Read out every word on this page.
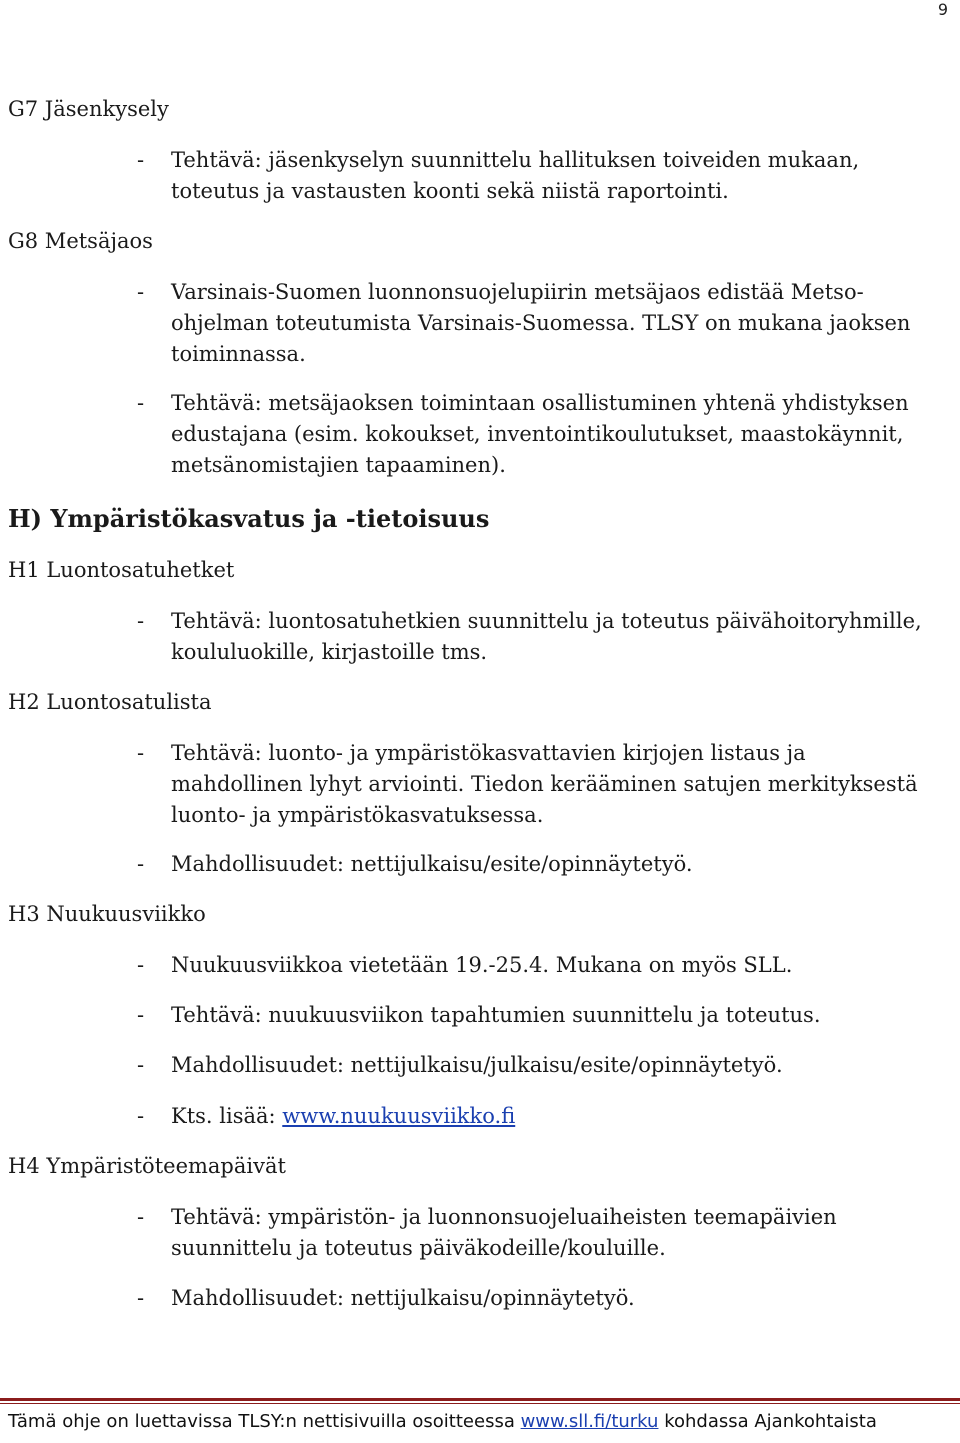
9
G7 Jäsenkysely
- Tehtävä: jäsenkyselyn suunnittelu hallituksen toiveiden mukaan, toteutus ja vastausten koonti sekä niistä raportointi.
G8 Metsäjaos
- Varsinais-Suomen luonnonsuojelupiirin metsäjaos edistää Metso-ohjelman toteutumista Varsinais-Suomessa. TLSY on mukana jaoksen toiminnassa.
- Tehtävä: metsäjaoksen toimintaan osallistuminen yhtenä yhdistyksen edustajana (esim. kokoukset, inventointikoulutukset, maastokäynnit, metsänomistajien tapaaminen).
H) Ympäristökasvatus ja -tietoisuus
H1 Luontosatuhetket
- Tehtävä: luontosatuhetkien suunnittelu ja toteutus päivähoitoryhmille, koululuokille, kirjastoille tms.
H2 Luontosatulista
- Tehtävä: luonto- ja ympäristökasvattavien kirjojen listaus ja mahdollinen lyhyt arviointi. Tiedon kerääminen satujen merkityksestä luonto- ja ympäristökasvatuksessa.
- Mahdollisuudet: nettijulkaisu/esite/opinnäytetyö.
H3 Nuukuusviikko
- Nuukuusviikkoa vietetään 19.-25.4. Mukana on myös SLL.
- Tehtävä: nuukuusviikon tapahtumien suunnittelu ja toteutus.
- Mahdollisuudet: nettijulkaisu/julkaisu/esite/opinnäytetyö.
- Kts. lisää: www.nuukuusviikko.fi
H4 Ympäristöteemapäivät
- Tehtävä: ympäristön- ja luonnonsuojeluaiheisten teemapäivien suunnittelu ja toteutus päiväkodeille/kouluille.
- Mahdollisuudet: nettijulkaisu/opinnäytetyö.
Tämä ohje on luettavissa TLSY:n nettisivuilla osoitteessa www.sll.fi/turku kohdassa Ajankohtaista
